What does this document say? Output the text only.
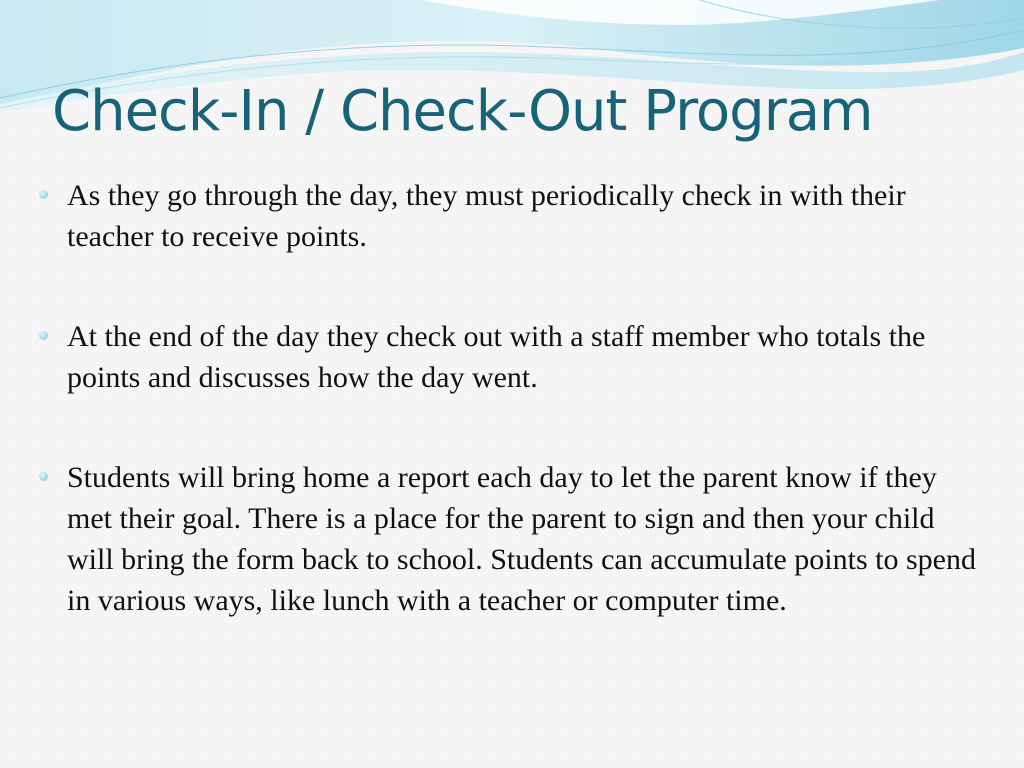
Check-In / Check-Out Program
As they go through the day, they must periodically check in with their teacher to receive points.
At the end of the day they check out with a staff member who totals the points and discusses how the day went.
Students will bring home a report each day to let the parent know if they met their goal. There is a place for the parent to sign and then your child will bring the form back to school. Students can accumulate points to spend in various ways, like lunch with a teacher or computer time.
